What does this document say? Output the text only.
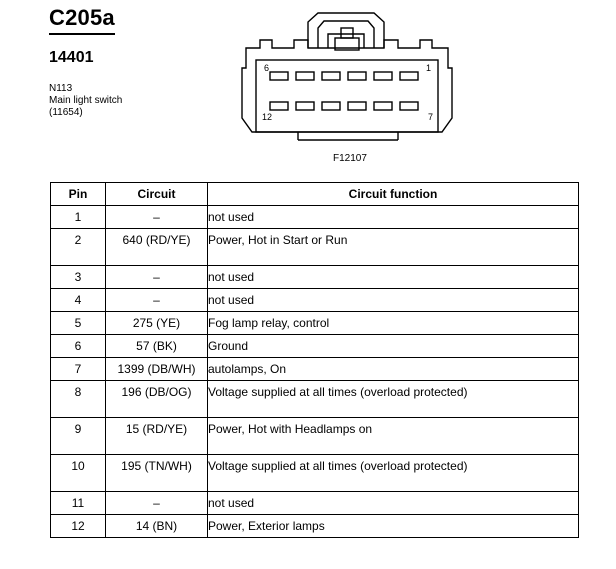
C205a
14401
N113
Main light switch
(11654)
6	1
12	7
F12107
Pin	Circuit	Circuit function
1	–	not used
2	640 (RD/YE)	Power, Hot in Start or Run
3	–	not used
4	–	not used
5	275 (YE)	Fog lamp relay, control
6	57 (BK)	Ground
7	1399 (DB/WH)	autolamps, On
8	196 (DB/OG)	Voltage supplied at all times (overload protected)
9	15 (RD/YE)	Power, Hot with Headlamps on
10	195 (TN/WH)	Voltage supplied at all times (overload protected)
11	–	not used
12	14 (BN)	Power, Exterior lamps
